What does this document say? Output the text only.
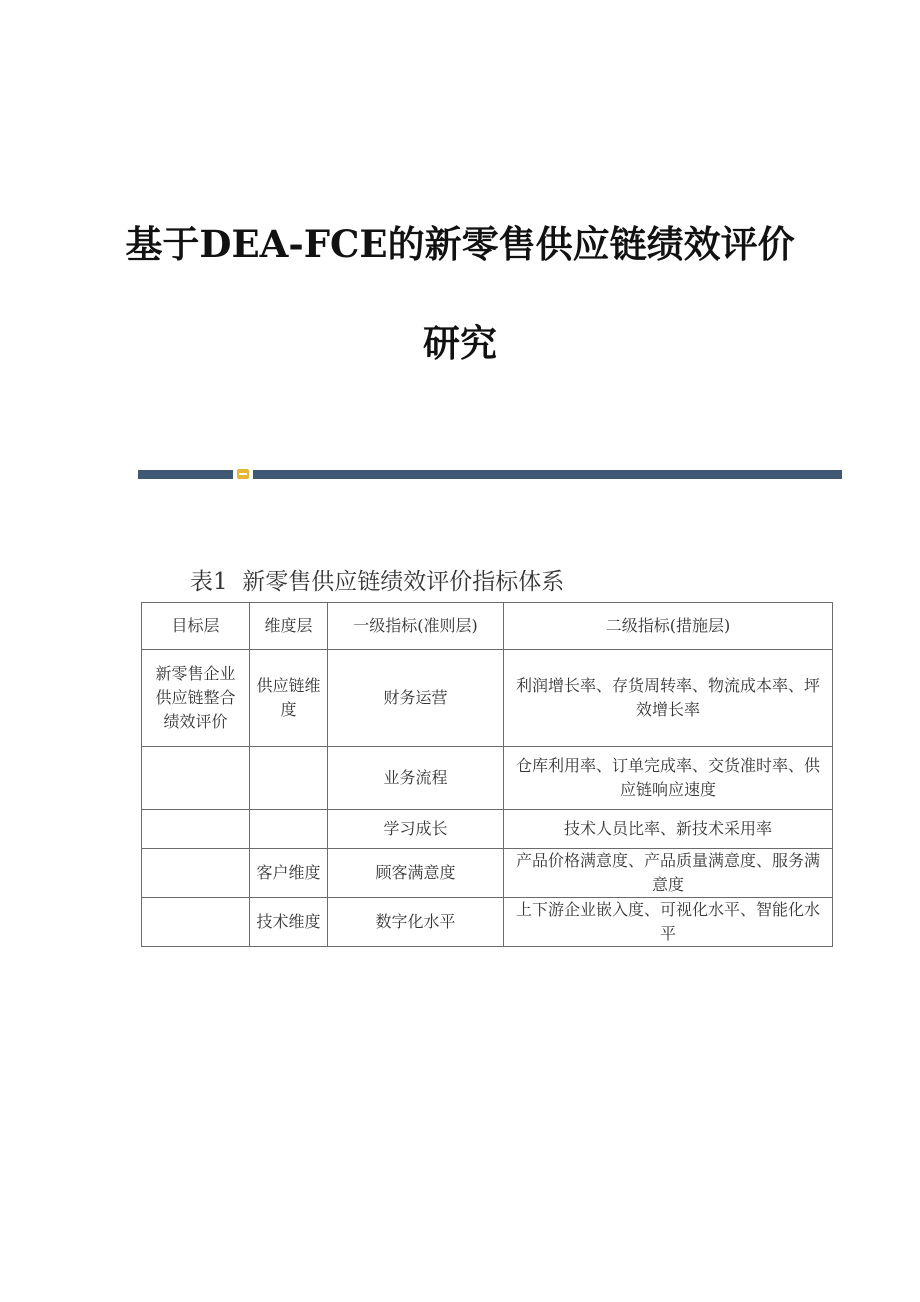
基于DEA-FCE的新零售供应链绩效评价
研究
表1  新零售供应链绩效评价指标体系
目标层	维度层	一级指标(准则层)	二级指标(措施层)
新零售企业供应链整合绩效评价	供应链维度	财务运营	利润增长率、存货周转率、物流成本率、坪效增长率
		业务流程	仓库利用率、订单完成率、交货准时率、供应链响应速度
		学习成长	技术人员比率、新技术采用率
	客户维度	顾客满意度	产品价格满意度、产品质量满意度、服务满意度
	技术维度	数字化水平	上下游企业嵌入度、可视化水平、智能化水平
